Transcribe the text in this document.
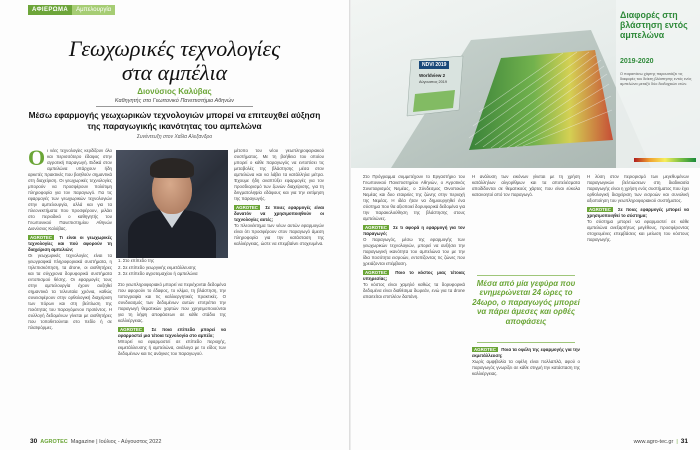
ΑΦΙΕΡΩΜΑ	Αμπελουργία
Γεωχωρικές τεχνολογίες
στα αμπέλια
Διονύσιος Καλύβας
Καθηγητής στο Γεωπονικό Πανεπιστήμιο Αθηνών
Μέσω εφαρμογής γεωχωρικών τεχνολογιών μπορεί να επιτευχθεί αύξηση της παραγωγικής ικανότητας του αμπελώνα
Συνέντευξη στον Χαΐλα Αλεξανδρο
Ο ι νέες τεχνολογίες κερδίζουν όλο και περισσότερο έδαφος στην αγροτική παραγωγή. Ειδικά στον αμπελώνα υπάρχουν ήδη αρκετές πρακτικές που βοηθούν σημαντικά στη διαχείριση. Οι γεωχωρικές τεχνολογίες μπορούν να προσφέρουν πολύτιμη πληροφορία για τον παραγωγό. Για τις εφαρμογές των γεωχωρικών τεχνολογιών στην αμπελουργία, αλλά και για τα πλεονεκτήματα που προσφέρουν, μιλάει στο περιοδικό ο καθηγητής του Γεωπονικού Πανεπιστημίου Αθηνών Διονύσιος Καλύβας.

AGROTEC Τι είναι οι γεωχωρικές τεχνολογίες και πού αφορούν τη διαχείριση αμπελιών;

Οι γεωχωρικές τεχνολογίες είναι τα γεωγραφικά πληροφοριακά συστήματα, η τηλεπισκόπηση, τα drone, οι αισθητήρες και τα σύγχρονα δορυφορικά συστήματα εντοπισμού θέσης. Οι εφαρμογές τους στην αμπελουργία έχουν αυξηθεί σημαντικά τα τελευταία χρόνια, καθώς συνεισφέρουν στην ορθολογική διαχείριση των πόρων και στη βελτίωση της ποιότητας του παραγόμενου προϊόντος. Η συλλογή δεδομένων γίνεται με αισθητήρες που τοποθετούνται στο πεδίο ή σε πλατφόρμες.

1. Στο επίπεδο της
2. Σε επίπεδο γεωργικής εκμετάλλευσης
3. Σε επίπεδο αγροτεμαχίου ή αμπελώνα

Στο γεωπληροφοριακό μπορεί να περιέχονται δεδομένα που αφορούν το έδαφος, το κλίμα, τη βλάστηση, την τοπογραφία και τις καλλιεργητικές πρακτικές. Ο συνδυασμός των δεδομένων αυτών επιτρέπει την παραγωγή θεματικών χαρτών που χρησιμοποιούνται για τη λήψη αποφάσεων σε κάθε στάδιο της καλλιέργειας.

AGROTEC Σε ποια επίπεδα μπορεί να εφαρμοστεί μια τέτοια τεχνολογία στο αμπέλι;

Μπορεί να εφαρμοστεί σε επίπεδο περιοχής, εκμετάλλευσης ή αμπελώνα, ανάλογα με το είδος των δεδομένων και τις ανάγκες του παραγωγού.

μέτοπο του νέου γεωπληροφοριακού συστήματος. Με τη βοήθεια του οποίου μπορεί ο κάθε παραγωγός να εντοπίσει τις μεταβολές της βλάστησης μέσα στον αμπελώνα και να λάβει τα κατάλληλα μέτρα. Έχουμε ήδη αναπτύξει εφαρμογές για τον προσδιορισμό των ζωνών διαχείρισης, για τη δειγματοληψία εδάφους και για την εκτίμηση της παραγωγής.

AGROTEC Σε ποιες εφαρμογές είναι δυνατόν να χρησιμοποιηθούν οι τεχνολογίες αυτές;

Το πλεονέκτημα των νέων αυτών εφαρμογών είναι ότι προσφέρουν στον παραγωγό άμεση πληροφορία για την κατάσταση της καλλιέργειας, ώστε να επεμβαίνει στοχευμένα.

30 AGROTEC Magazine | Ιούλιος - Αύγουστος 2022
NDVI 2019
Worldview 2
Αύγουστος 2019
Διαφορές στη βλάστηση εντός αμπελώνα
2019-2020
Ο παραπάνω χάρτης παρουσιάζει τις διαφορές του δείκτη βλάστησης εντός ενός αμπελώνα μεταξύ δύο διαδοχικών ετών.

Στο Πρόγραμμα συμμετέχουν το Εργαστήριο του Γεωπονικού Πανεπιστημίου Αθηνών, ο Αγροτικός Συνεταιρισμός Νεμέας, ο Σύνδεσμος Οινοποιών Νεμέας και δυο εταιρείες της ζώνης στην περιοχή της Νεμέας. Η ιδέα ήταν να δημιουργηθεί ένα σύστημα που θα αξιοποιεί δορυφορικά δεδομένα για την παρακολούθηση της βλάστησης στους αμπελώνες.

AGROTEC Σε τι αφορά η εφαρμογή για τον παραγωγό;

Ο παραγωγός, μέσω της εφαρμογής των γεωχωρικών τεχνολογιών, μπορεί να αυξήσει την παραγωγική ικανότητα του αμπελώνα του με την ίδια ποσότητα εισροών, εντοπίζοντας τις ζώνες που χρειάζονται επέμβαση.

AGROTEC Ποιο το κόστος μιας τέτοιας υπηρεσίας;

Το κόστος είναι χαμηλό καθώς τα δορυφορικά δεδομένα είναι διαθέσιμα δωρεάν, ενώ για τα drone απαιτείται επιπλέον δαπάνη.

Η ανάλυση των εικόνων γίνεται με τη χρήση κατάλληλων αλγορίθμων και τα αποτελέσματα αποδίδονται σε θεματικούς χάρτες που είναι εύκολα κατανοητοί από τον παραγωγό.

Μέσα από μία γεφύρα που ενημερώνεται 24 ώρες το 24ωρο, ο παραγωγός μπορεί να πάρει άμεσες και ορθές αποφάσεις

AGROTEC Ποια τα οφέλη της εφαρμογής για την εκμετάλλευση;

Χωρίς αμφιβολία τα οφέλη είναι πολλαπλά, αφού ο παραγωγός γνωρίζει σε κάθε στιγμή την κατάσταση της καλλιέργειας.

Η λύση στον περιορισμό των μεγεθυμένων παραγωγικών βελτιώσεων στη διαδικασία παραγωγής είναι η χρήση ενός συστήματος που έχει ορθολογική διαχείριση των εισροών και συνολική αξιοποίηση του γεωπληροφοριακού συστήματος.

AGROTEC Σε ποιες εφαρμογές μπορεί να χρησιμοποιηθεί το σύστημα;

Το σύστημα μπορεί να εφαρμοστεί σε κάθε αμπελώνα ανεξαρτήτως μεγέθους, προσφέροντας στοχευμένες επεμβάσεις και μείωση του κόστους παραγωγής.

www.agro-tec.gr | 31
